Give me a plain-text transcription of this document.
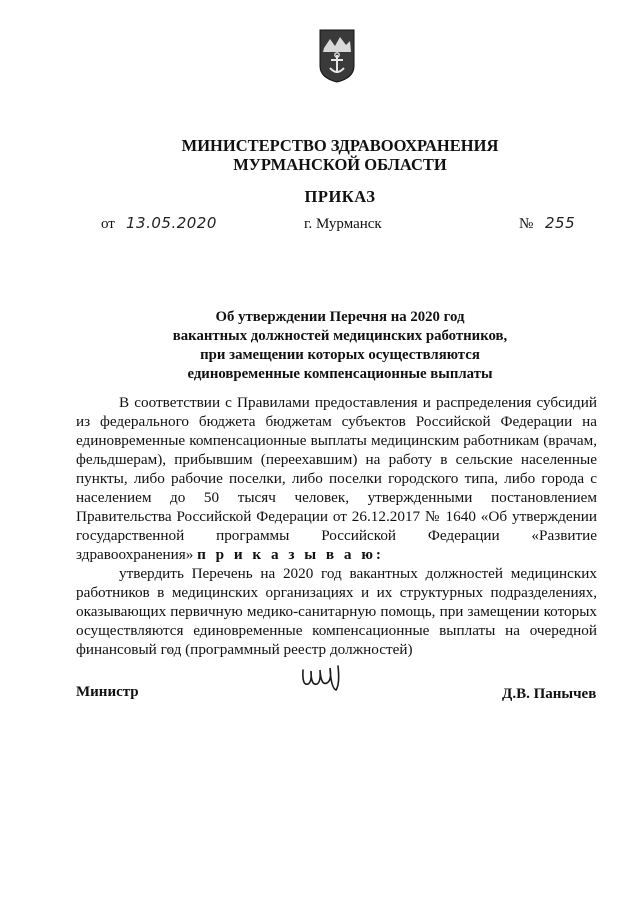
МИНИСТЕРСТВО ЗДРАВООХРАНЕНИЯ
МУРМАНСКОЙ ОБЛАСТИ
ПРИКАЗ
от 13.05.2020	г. Мурманск	№ 255
Об утверждении Перечня на 2020 год
вакантных должностей медицинских работников,
при замещении которых осуществляются
единовременные компенсационные выплаты
В соответствии с Правилами предоставления и распределения субсидий
из федерального бюджета бюджетам субъектов Российской Федерации на
единовременные компенсационные выплаты медицинским работникам (врачам,
фельдшерам), прибывшим (переехавшим) на работу в сельские населенные
пункты, либо рабочие поселки, либо поселки городского типа, либо города с
населением до 50 тысяч человек, утвержденными постановлением
Правительства Российской Федерации от 26.12.2017 № 1640 «Об утверждении
государственной программы Российской Федерации «Развитие
здравоохранения» п р и к а з ы в а ю:
утвердить Перечень на 2020 год вакантных должностей медицинских
работников в медицинских организациях и их структурных подразделениях,
оказывающих первичную медико-санитарную помощь, при замещении которых
осуществляются единовременные компенсационные выплаты на очередной
финансовый год (программный реестр должностей)
Министр	Д.В. Панычев
